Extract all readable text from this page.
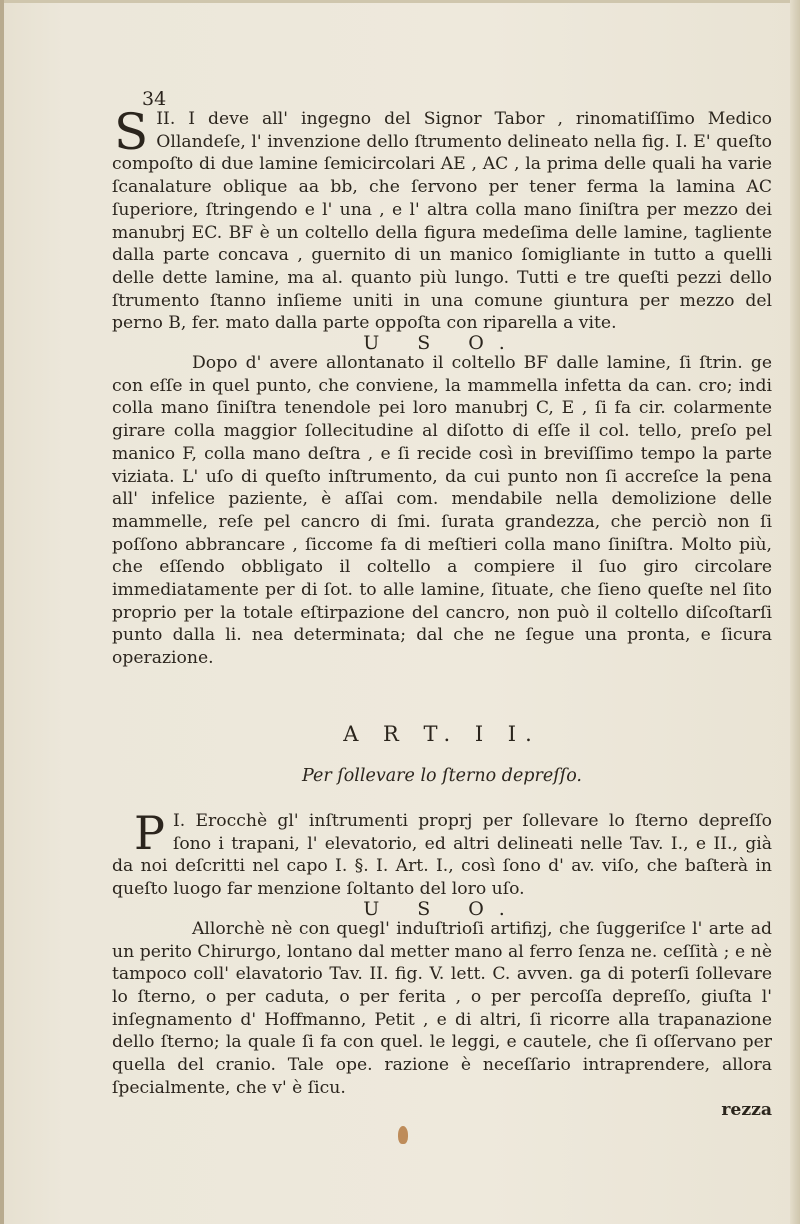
34

II.
S I deve all' ingegno del Signor Tabor , rinomatiſſimo Medico Ollandeſe, l' invenzione dello ſtrumento delineato nella fig. I. E' queſto compoſto di due lamine ſemicircolari AE , AC , la prima delle quali ha varie ſcanalature oblique aa bb, che ſervono per tener ferma la lamina AC ſuperiore, ſtringendo e l' una , e l' altra colla mano ſiniſtra per mezzo dei manubrj EC. BF è un coltello della figura medeſima delle lamine, tagliente dalla parte concava , guernito di un manico ſomigliante in tutto a quelli delle dette lamine, ma al. quanto più lungo. Tutti e tre queſti pezzi dello ſtrumento ſtanno inſieme uniti in una comune giuntura per mezzo del perno B, fer. mato dalla parte oppoſta con riparella a vite.

U S O.

Dopo d' avere allontanato il coltello BF dalle lamine, ſi ſtrin. ge con eſſe in quel punto, che conviene, la mammella infetta da can. cro; indi colla mano ſiniſtra tenendole pei loro manubrj C, E , ſi fa cir. colarmente girare colla maggior ſollecitudine al diſotto di eſſe il col. tello, preſo pel manico F, colla mano deſtra , e ſi recide così in breviſſimo tempo la parte viziata. L' uſo di queſto inſtrumento, da cui punto non ſi accreſce la pena all' infelice paziente, è aſſai com. mendabile nella demolizione delle mammelle, reſe pel cancro di ſmi. ſurata grandezza, che perciò non ſi poſſono abbrancare , ſiccome fa di meſtieri colla mano ſiniſtra. Molto più, che eſſendo obbligato il coltello a compiere il ſuo giro circolare immediatamente per di ſot. to alle lamine, ſituate, che ſieno queſte nel ſito proprio per la totale eſtirpazione del cancro, non può il coltello diſcoſtarſi punto dalla li. nea determinata; dal che ne ſegue una pronta, e ſicura operazione.

A R T. I I.
Per ſollevare lo ſterno depreſſo.

I.
P Erocchè gl' inſtrumenti proprj per ſollevare lo ſterno depreſſo ſono i trapani, l' elevatorio, ed altri delineati nelle Tav. I., e II., già da noi deſcritti nel capo I. §. I. Art. I., così ſono d' av. viſo, che baſterà in queſto luogo far menzione ſoltanto del loro uſo.

U S O.

Allorchè nè con quegl' induſtrioſi artifizj, che ſuggeriſce l' arte ad un perito Chirurgo, lontano dal metter mano al ferro ſenza ne. ceſſità ; e nè tampoco coll' elavatorio Tav. II. fig. V. lett. C. avven. ga di poterſi ſollevare lo ſterno, o per caduta, o per ferita , o per percoſſa depreſſo, giuſta l' inſegnamento d' Hoffmanno, Petit , e di altri, ſi ricorre alla trapanazione dello ſterno; la quale ſi fa con quel. le leggi, e cautele, che ſi oſſervano per quella del cranio. Tale ope. razione è neceſſario intraprendere, allora ſpecialmente, che v' è ſicu.

rezza
